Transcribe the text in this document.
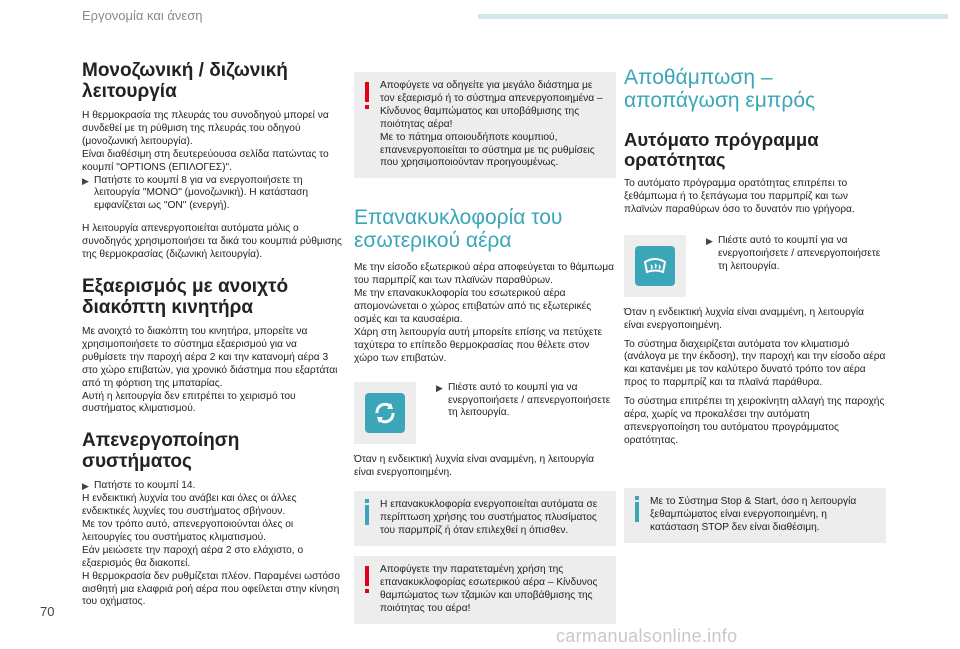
Εργονομία και άνεση
Μονοζωνική / διζωνική λειτουργία

Η θερμοκρασία της πλευράς του συνοδηγού μπορεί να συνδεθεί με τη ρύθμιση της πλευράς του οδηγού (μονοζωνική λειτουργία).

Είναι διαθέσιμη στη δευτερεύουσα σελίδα πατώντας το κουμπί "OPTIONS (ΕΠΙΛΟΓΕΣ)".

▶ Πατήστε το κουμπί 8 για να ενεργοποιήσετε τη λειτουργία "MONO" (μονοζωνική). Η κατάσταση εμφανίζεται ως "ON" (ενεργή).

Η λειτουργία απενεργοποιείται αυτόματα μόλις ο συνοδηγός χρησιμοποιήσει τα δικά του κουμπιά ρύθμισης της θερμοκρασίας (διζωνική λειτουργία).

Εξαερισμός με ανοιχτό διακόπτη κινητήρα

Με ανοιχτό το διακόπτη του κινητήρα, μπορείτε να χρησιμοποιήσετε το σύστημα εξαερισμού για να ρυθμίσετε την παροχή αέρα 2 και την κατανομή αέρα 3 στο χώρο επιβατών, για χρονικό διάστημα που εξαρτάται από τη φόρτιση της μπαταρίας.

Αυτή η λειτουργία δεν επιτρέπει το χειρισμό του συστήματος κλιματισμού.

Απενεργοποίηση συστήματος
▶ Πατήστε το κουμπί 14.

Η ενδεικτική λυχνία του ανάβει και όλες οι άλλες ενδεικτικές λυχνίες του συστήματος σβήνουν.

Με τον τρόπο αυτό, απενεργοποιούνται όλες οι λειτουργίες του συστήματος κλιματισμού.

Εάν μειώσετε την παροχή αέρα 2 στο ελάχιστο, ο εξαερισμός θα διακοπεί.

Η θερμοκρασία δεν ρυθμίζεται πλέον. Παραμένει ωστόσο αισθητή μια ελαφριά ροή αέρα που οφείλεται στην κίνηση του οχήματος.

Αποφύγετε να οδηγείτε για μεγάλο διάστημα με τον εξαερισμό ή το σύστημα απενεργοποιημένα – Κίνδυνος θαμπώματος και υποβάθμισης της ποιότητας αέρα!

Με το πάτημα οποιουδήποτε κουμπιού, επανενεργοποιείται το σύστημα με τις ρυθμίσεις που χρησιμοποιούνταν προηγουμένως.

Επανακυκλοφορία του εσωτερικού αέρα

Με την είσοδο εξωτερικού αέρα αποφεύγεται το θάμπωμα του παρμπρίζ και των πλαϊνών παραθύρων.

Με την επανακυκλοφορία του εσωτερικού αέρα απομονώνεται ο χώρος επιβατών από τις εξωτερικές οσμές και τα καυσαέρια.

Χάρη στη λειτουργία αυτή μπορείτε επίσης να πετύχετε ταχύτερα το επίπεδο θερμοκρασίας που θέλετε στον χώρο των επιβατών.

▶ Πιέστε αυτό το κουμπί για να ενεργοποιήσετε / απενεργοποιήσετε τη λειτουργία.

Όταν η ενδεικτική λυχνία είναι αναμμένη, η λειτουργία είναι ενεργοποιημένη.

Η επανακυκλοφορία ενεργοποιείται αυτόματα σε περίπτωση χρήσης του συστήματος πλυσίματος του παρμπρίζ ή όταν επιλεχθεί η όπισθεν.

Αποφύγετε την παρατεταμένη χρήση της επανακυκλοφορίας εσωτερικού αέρα – Κίνδυνος θαμπώματος των τζαμιών και υποβάθμισης της ποιότητας του αέρα!

Αποθάμπωση – αποπάγωση εμπρός
Αυτόματο πρόγραμμα ορατότητας

Το αυτόματο πρόγραμμα ορατότητας επιτρέπει το ξεθάμπωμα ή το ξεπάγωμα του παρμπρίζ και των πλαϊνών παραθύρων όσο το δυνατόν πιο γρήγορα.

▶ Πιέστε αυτό το κουμπί για να ενεργοποιήσετε / απενεργοποιήσετε τη λειτουργία.

Όταν η ενδεικτική λυχνία είναι αναμμένη, η λειτουργία είναι ενεργοποιημένη.

Το σύστημα διαχειρίζεται αυτόματα τον κλιματισμό (ανάλογα με την έκδοση), την παροχή και την είσοδο αέρα και κατανέμει με τον καλύτερο δυνατό τρόπο τον αέρα προς το παρμπρίζ και τα πλαϊνά παράθυρα.

Το σύστημα επιτρέπει τη χειροκίνητη αλλαγή της παροχής αέρα, χωρίς να προκαλέσει την αυτόματη απενεργοποίηση του αυτόματου προγράμματος ορατότητας.

Με το Σύστημα Stop & Start, όσο η λειτουργία ξεθαμπώματος είναι ενεργοποιημένη, η κατάσταση STOP δεν είναι διαθέσιμη.

70
carmanualsonline.info
